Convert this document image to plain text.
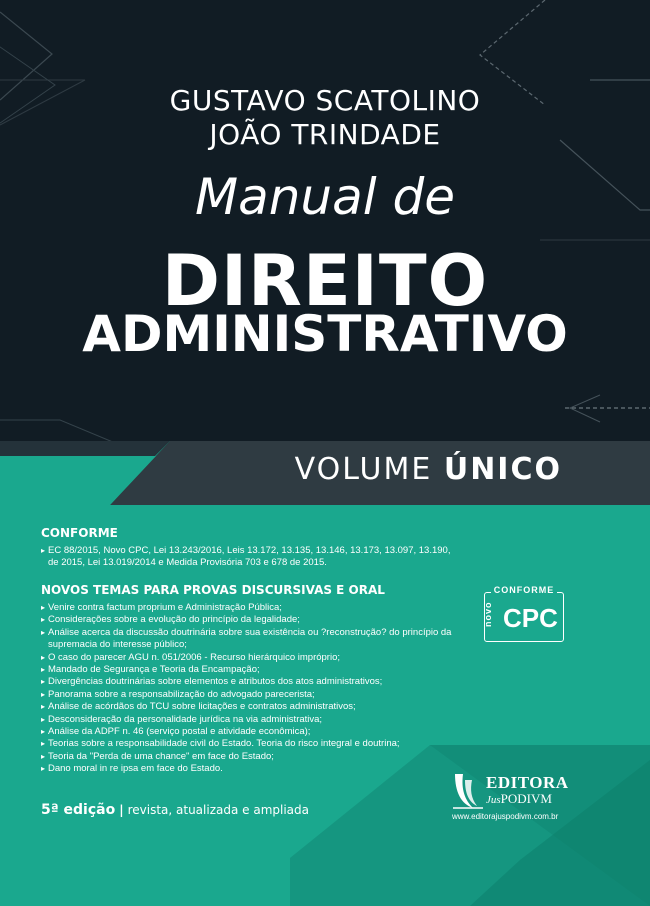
GUSTAVO SCATOLINO
JOÃO TRINDADE
Manual de
DIREITO
ADMINISTRATIVO
VOLUME ÚNICO
CONFORME
▸ EC 88/2015, Novo CPC, Lei 13.243/2016, Leis 13.172, 13.135, 13.146, 13.173, 13.097, 13.190, de 2015, Lei 13.019/2014 e Medida Provisória 703 e 678 de 2015.
NOVOS TEMAS PARA PROVAS DISCURSIVAS E ORAL
▸ Venire contra factum proprium e Administração Pública;
▸ Considerações sobre a evolução do princípio da legalidade;
▸ Análise acerca da discussão doutrinária sobre sua existência ou ?reconstrução? do princípio da supremacia do interesse público;
▸ O caso do parecer AGU n. 051/2006 - Recurso hierárquico impróprio;
▸ Mandado de Segurança e Teoria da Encampação;
▸ Divergências doutrinárias sobre elementos e atributos dos atos administrativos;
▸ Panorama sobre a responsabilização do advogado parecerista;
▸ Análise de acórdãos do TCU sobre licitações e contratos administrativos;
▸ Desconsideração da personalidade jurídica na via administrativa;
▸ Análise da ADPF n. 46 (serviço postal e atividade econômica);
▸ Teorias sobre a responsabilidade civil do Estado. Teoria do risco integral e doutrina;
▸ Teoria da "Perda de uma chance" em face do Estado;
▸ Dano moral in re ipsa em face do Estado.
CONFORME
novo CPC
5ª edição | revista, atualizada e ampliada
EDITORA
JusPODIVM
www.editorajuspodivm.com.br
